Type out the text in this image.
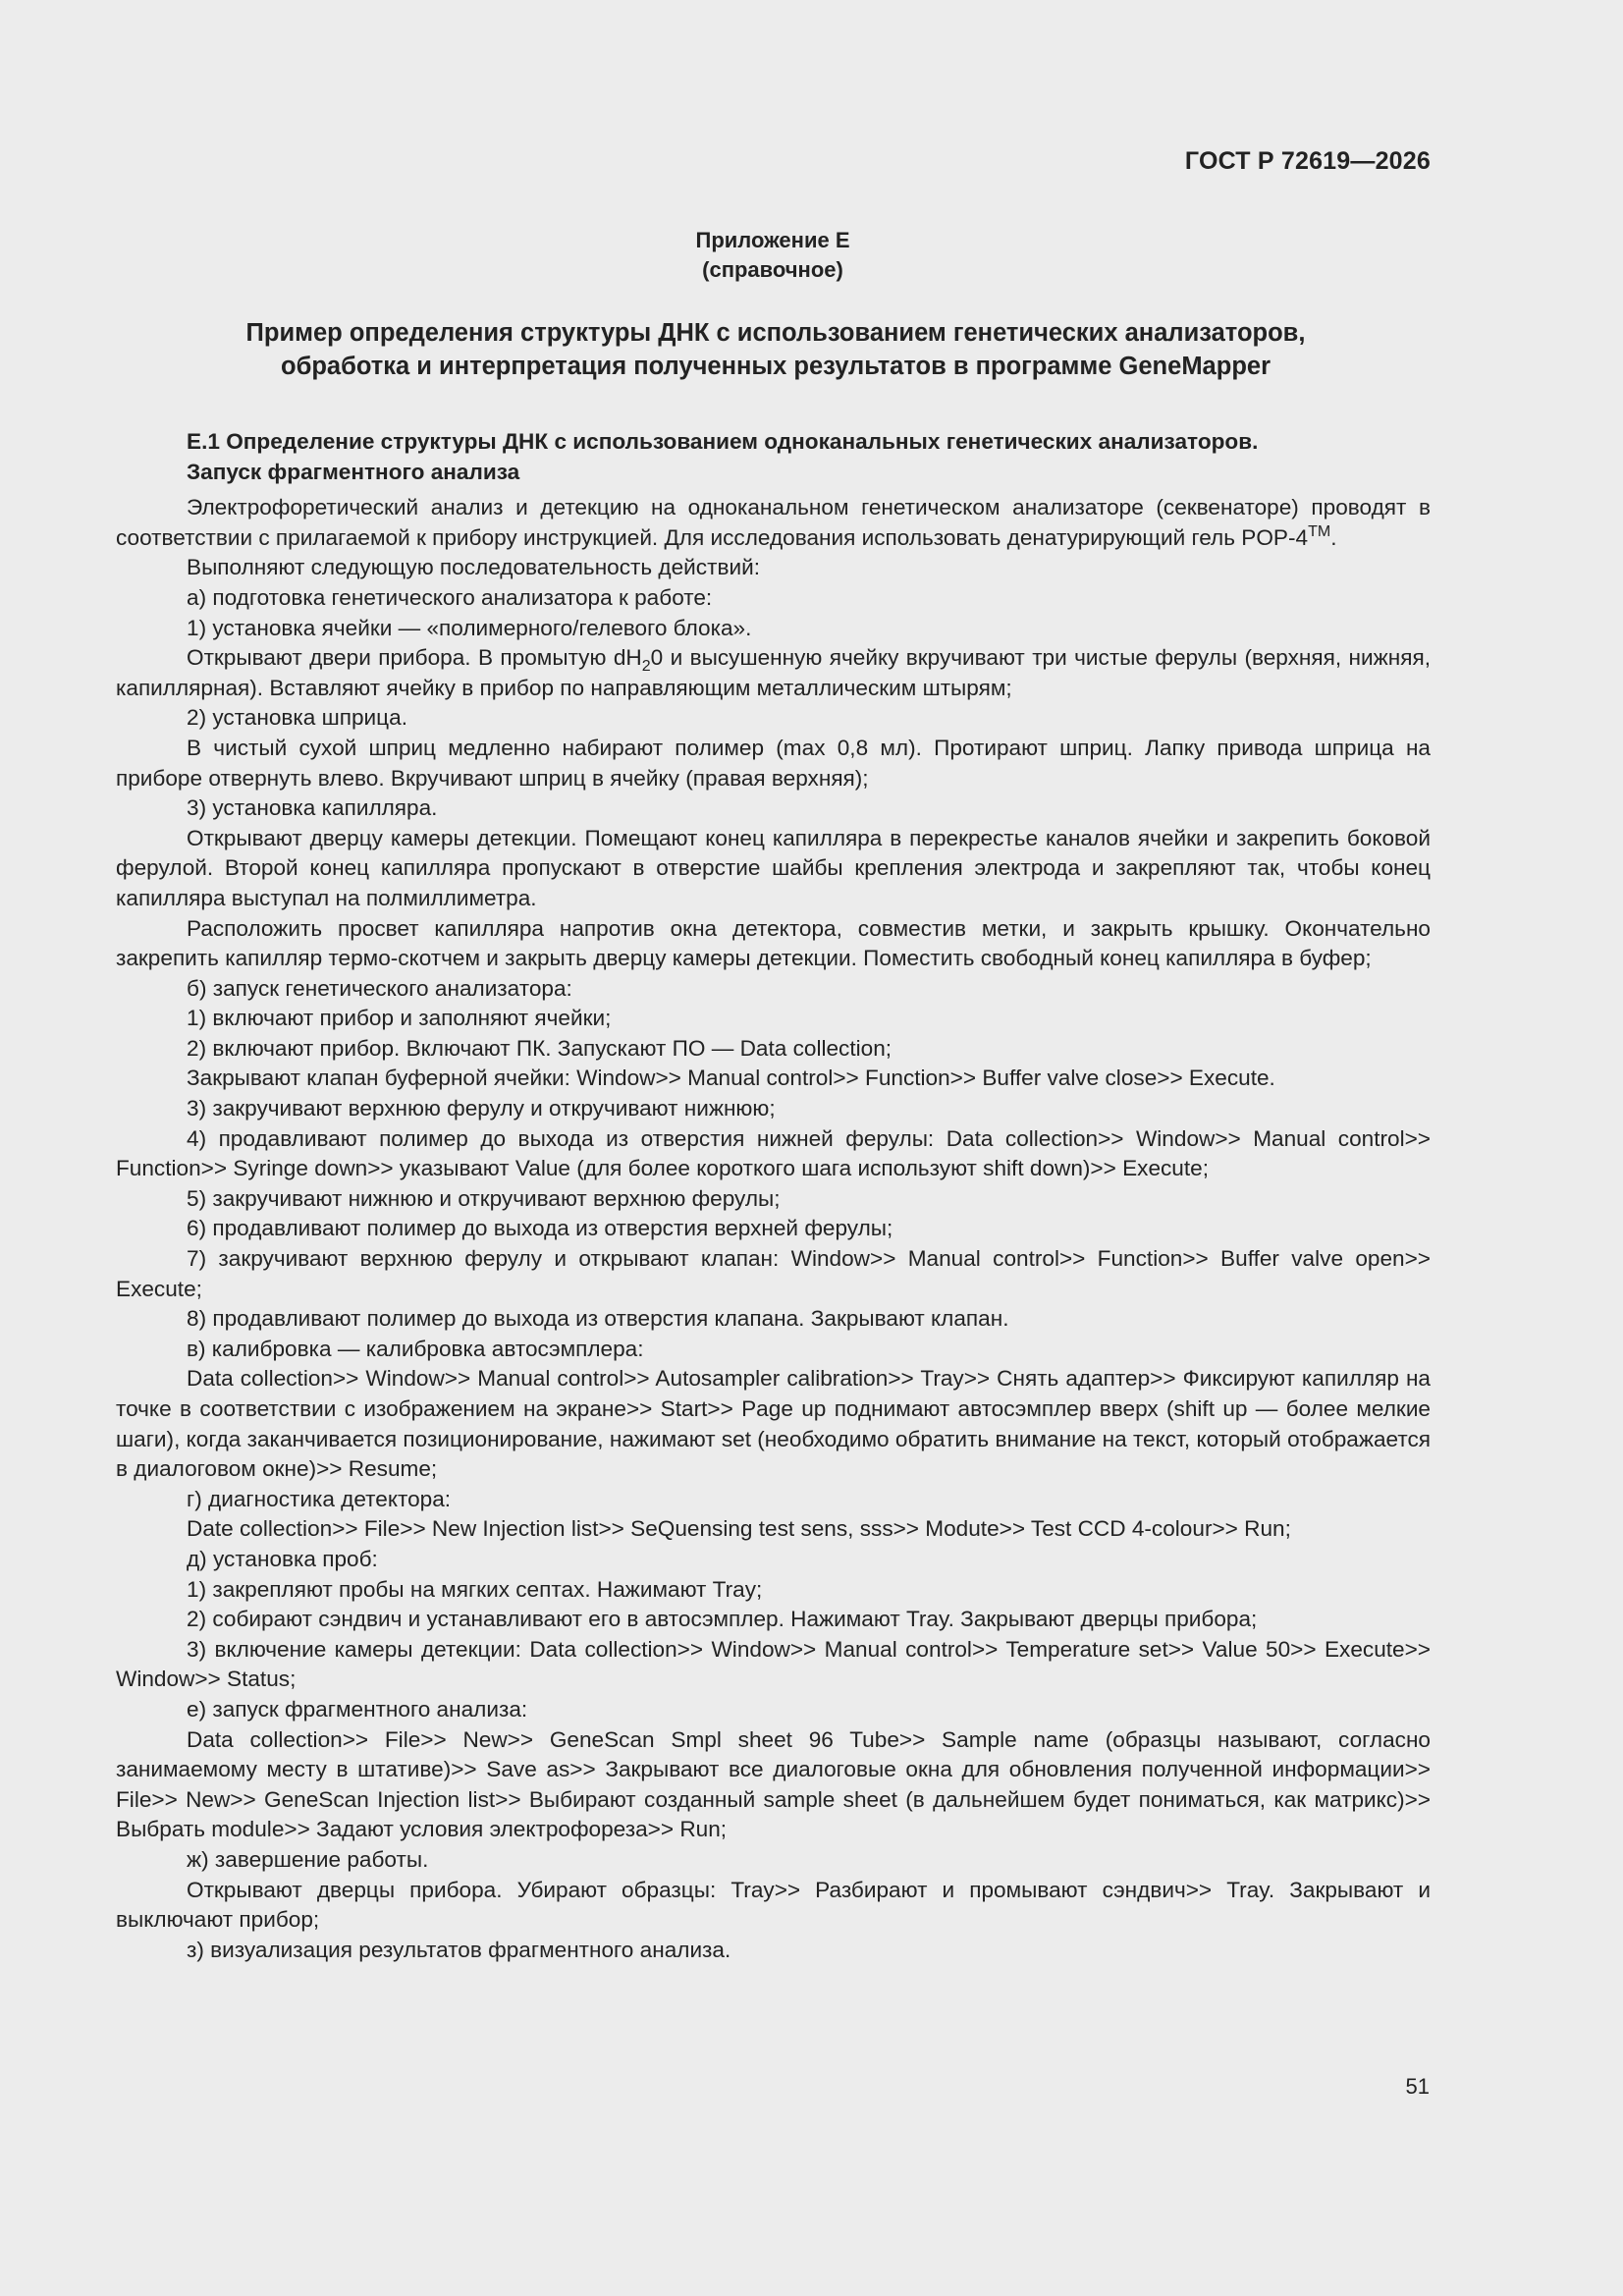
ГОСТ Р 72619—2026
Приложение Е
(справочное)
Пример определения структуры ДНК с использованием генетических анализаторов,
обработка и интерпретация полученных результатов в программе GeneMapper

Е.1 Определение структуры ДНК с использованием одноканальных генетических анализаторов.
Запуск фрагментного анализа

Электрофоретический анализ и детекцию на одноканальном генетическом анализаторе (секвенаторе) проводят в соответствии с прилагаемой к прибору инструкцией. Для исследования использовать денатурирующий гель POP-4™.

Выполняют следующую последовательность действий:

а) подготовка генетического анализатора к работе:

1) установка ячейки — «полимерного/гелевого блока».

Открывают двери прибора. В промытую $dH_20$ и высушенную ячейку вкручивают три чистые ферулы (верхняя, нижняя, капиллярная). Вставляют ячейку в прибор по направляющим металлическим штырям;

2) установка шприца.

В чистый сухой шприц медленно набирают полимер (max 0,8 мл). Протирают шприц. Лапку привода шприца на приборе отвернуть влево. Вкручивают шприц в ячейку (правая верхняя);

3) установка капилляра.

Открывают дверцу камеры детекции. Помещают конец капилляра в перекрестье каналов ячейки и закрепить боковой ферулой. Второй конец капилляра пропускают в отверстие шайбы крепления электрода и закрепляют так, чтобы конец капилляра выступал на полмиллиметра.

Расположить просвет капилляра напротив окна детектора, совместив метки, и закрыть крышку. Окончательно закрепить капилляр термо-скотчем и закрыть дверцу камеры детекции. Поместить свободный конец капилляра в буфер;

б) запуск генетического анализатора:

1) включают прибор и заполняют ячейки;

2) включают прибор. Включают ПК. Запускают ПО — Data collection;

Закрывают клапан буферной ячейки: Window>> Manual control>> Function>> Buffer valve close>> Execute.

3) закручивают верхнюю ферулу и откручивают нижнюю;

4) продавливают полимер до выхода из отверстия нижней ферулы: Data collection>> Window>> Manual control>> Function>> Syringe down>> указывают Value (для более короткого шага используют shift down)>> Execute;

5) закручивают нижнюю и откручивают верхнюю ферулы;

6) продавливают полимер до выхода из отверстия верхней ферулы;

7) закручивают верхнюю ферулу и открывают клапан: Window>> Manual control>> Function>> Buffer valve open>> Execute;

8) продавливают полимер до выхода из отверстия клапана. Закрывают клапан.

в) калибровка — калибровка автосэмплера:

Data collection>> Window>> Manual control>> Autosampler calibration>> Tray>> Снять адаптер>> Фиксируют капилляр на точке в соответствии с изображением на экране>> Start>> Page up поднимают автосэмплер вверх (shift up — более мелкие шаги), когда заканчивается позиционирование, нажимают set (необходимо обратить внимание на текст, который отображается в диалоговом окне)>> Resume;

г) диагностика детектора:

Date collection>> File>> New Injection list>> SeQuensing test sens, sss>> Modute>> Test CCD 4-colour>> Run;

д) установка проб:

1) закрепляют пробы на мягких септах. Нажимают Tray;

2) собирают сэндвич и устанавливают его в автосэмплер. Нажимают Tray. Закрывают дверцы прибора;

3) включение камеры детекции: Data collection>> Window>> Manual control>> Temperature set>> Value 50>> Execute>> Window>> Status;

е) запуск фрагментного анализа:

Data collection>> File>> New>> GeneScan Smpl sheet 96 Tube>> Sample name (образцы называют, согласно занимаемому месту в штативе)>> Save as>> Закрывают все диалоговые окна для обновления полученной информации>> File>> New>> GeneScan Injection list>> Выбирают созданный sample sheet (в дальнейшем будет пониматься, как матрикс)>> Выбрать module>> Задают условия электрофореза>> Run;

ж) завершение работы.

Открывают дверцы прибора. Убирают образцы: Tray>> Разбирают и промывают сэндвич>> Tray. Закрывают и выключают прибор;

з) визуализация результатов фрагментного анализа.

51
